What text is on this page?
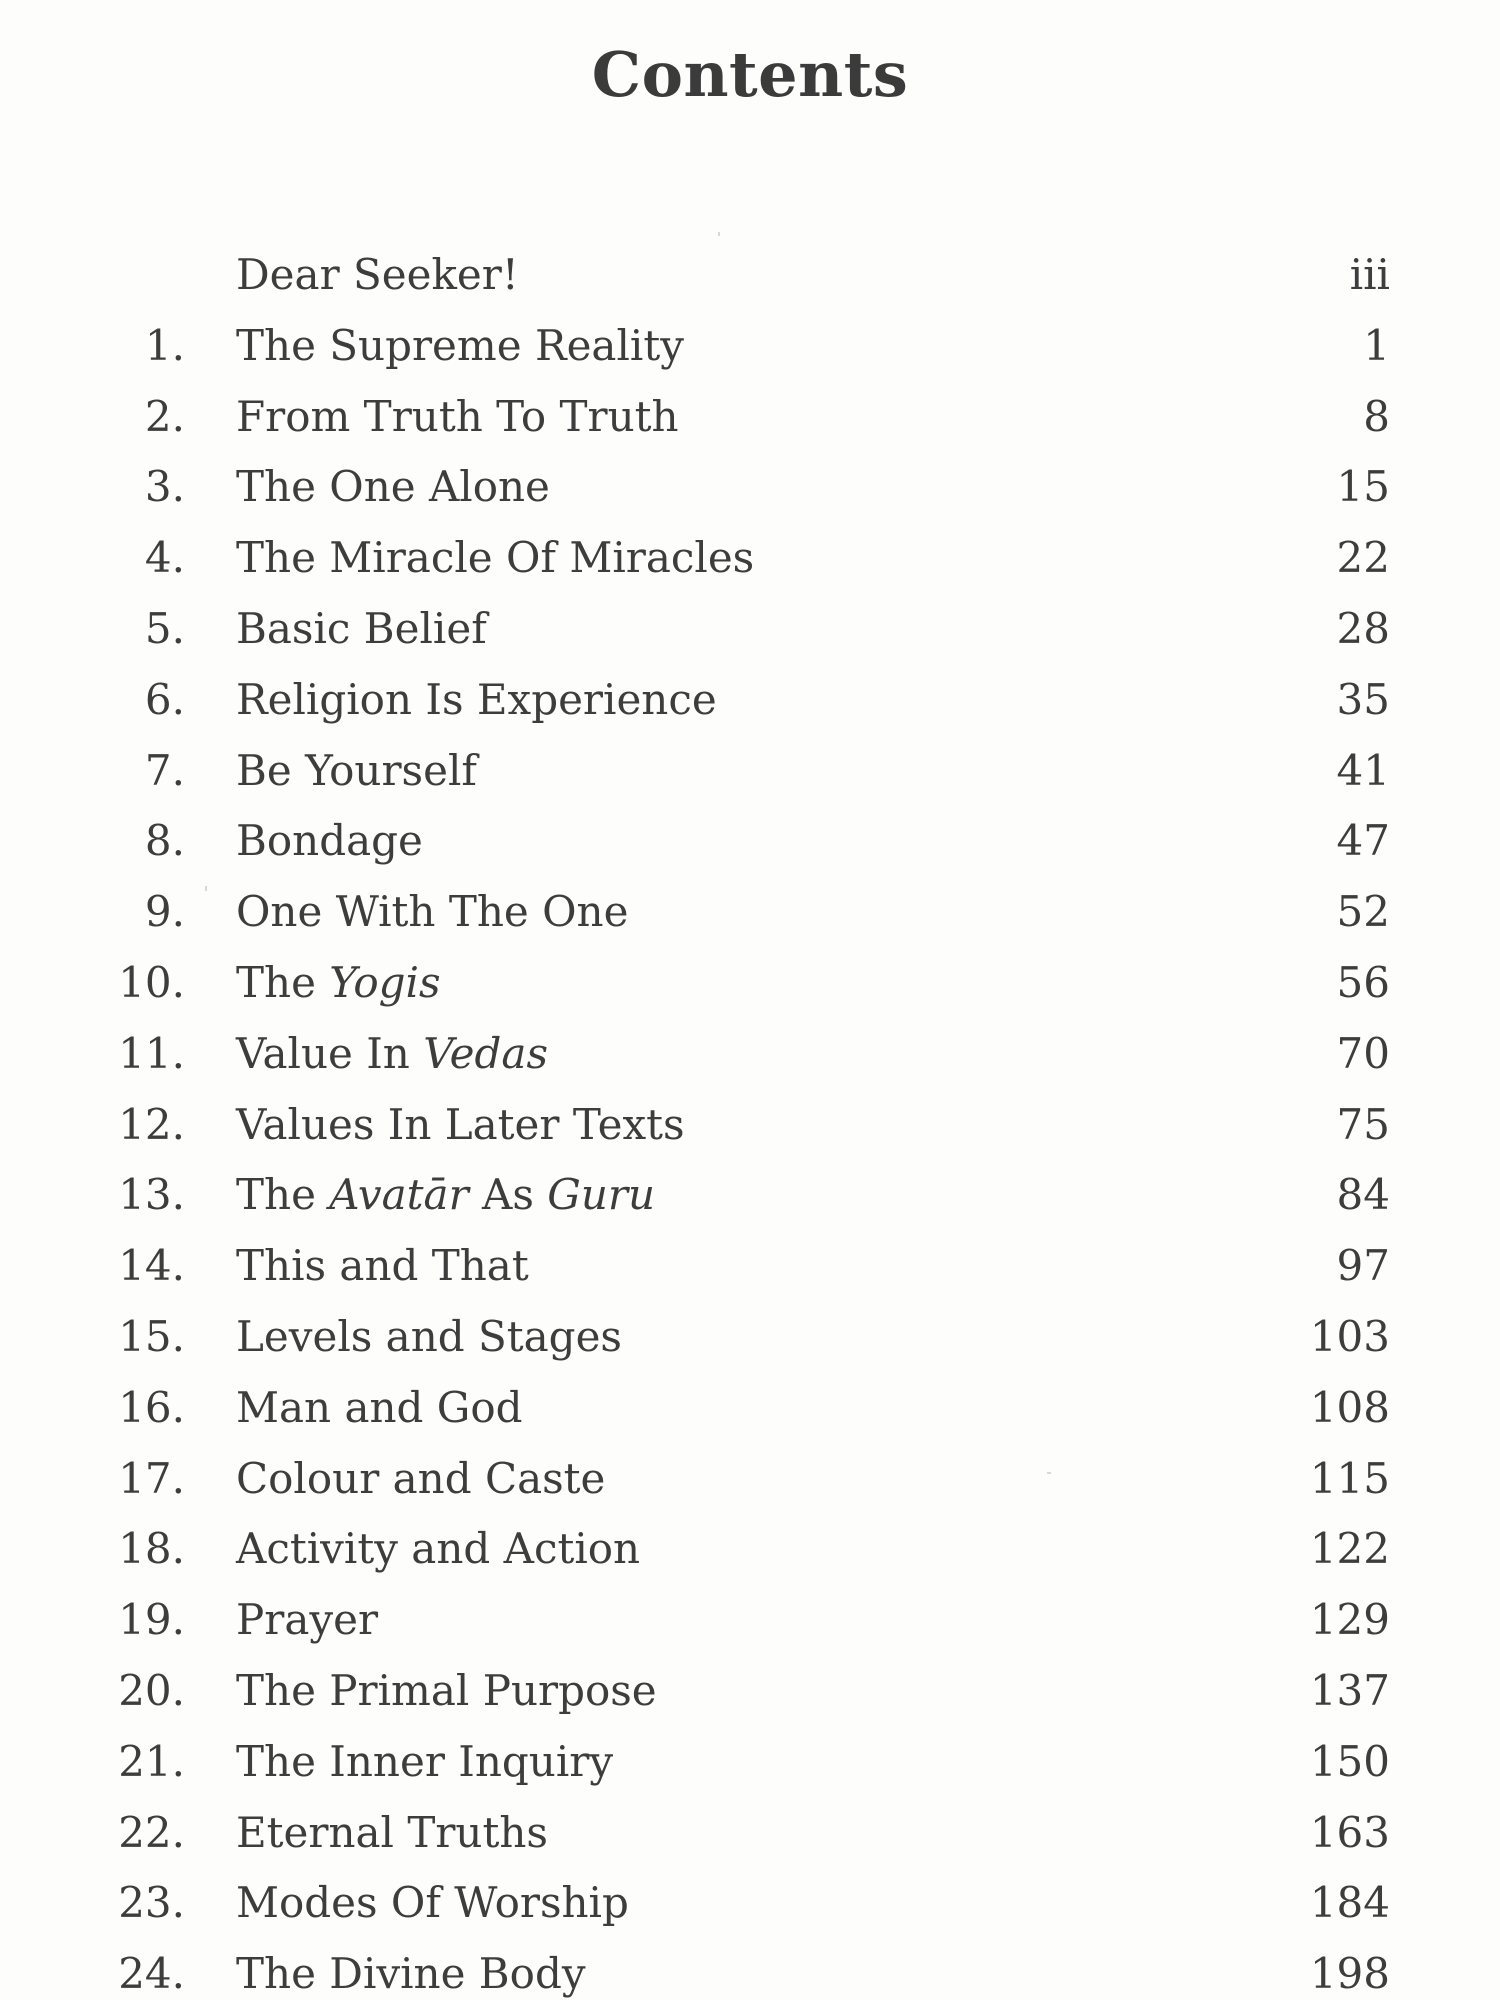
Contents
Dear Seeker!	iii
1. The Supreme Reality	1
2. From Truth To Truth	8
3. The One Alone	15
4. The Miracle Of Miracles	22
5. Basic Belief	28
6. Religion Is Experience	35
7. Be Yourself	41
8. Bondage	47
9. One With The One	52
10. The Yogis	56
11. Value In Vedas	70
12. Values In Later Texts	75
13. The Avatār As Guru	84
14. This and That	97
15. Levels and Stages	103
16. Man and God	108
17. Colour and Caste	115
18. Activity and Action	122
19. Prayer	129
20. The Primal Purpose	137
21. The Inner Inquiry	150
22. Eternal Truths	163
23. Modes Of Worship	184
24. The Divine Body	198
